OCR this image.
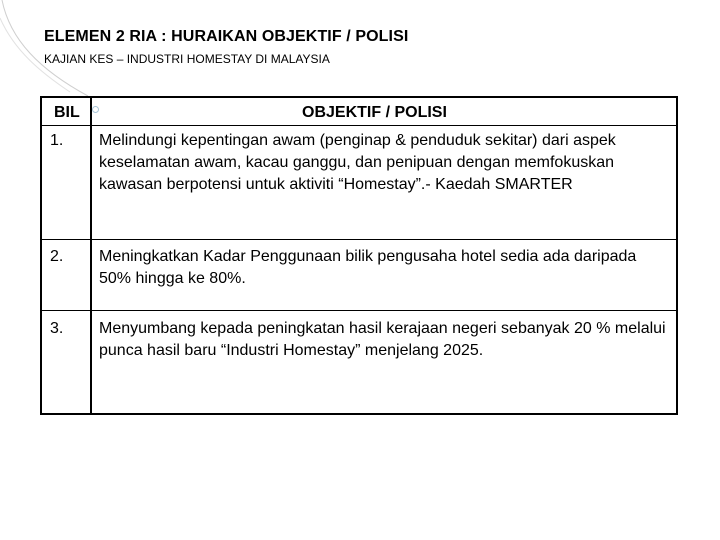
ELEMEN 2 RIA : HURAIKAN OBJEKTIF / POLISI
KAJIAN KES – INDUSTRI HOMESTAY DI MALAYSIA
BIL	OBJEKTIF / POLISI
1. Melindungi kepentingan awam (penginap & penduduk sekitar) dari aspek keselamatan awam, kacau ganggu, dan penipuan dengan memfokuskan kawasan berpotensi untuk aktiviti “Homestay”.- Kaedah SMARTER
2. Meningkatkan Kadar Penggunaan bilik pengusaha hotel sedia ada daripada 50% hingga ke 80%.
3. Menyumbang kepada peningkatan hasil kerajaan negeri sebanyak 20 % melalui punca hasil baru “Industri Homestay” menjelang 2025.
